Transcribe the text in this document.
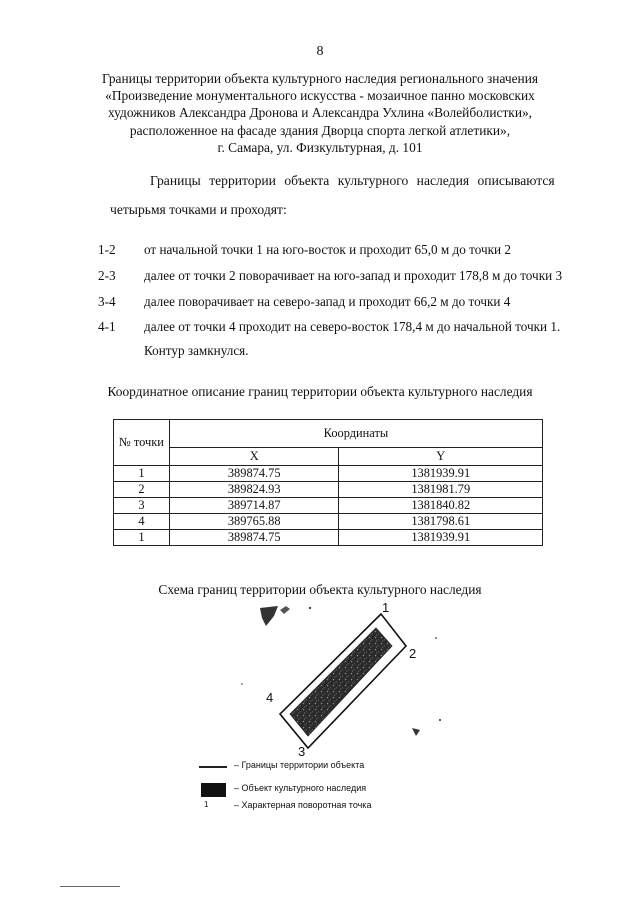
8
Границы территории объекта культурного наследия регионального значения
«Произведение монументального искусства - мозаичное панно московских
художников Александра Дронова и Александра Ухлина «Волейболистки»,
расположенное на фасаде здания Дворца спорта легкой атлетики»,
г. Самара, ул. Физкультурная, д. 101
Границы территории объекта культурного наследия описываются
четырьмя точками и проходят:
1-2 от начальной точки 1 на юго-восток и проходит 65,0 м до точки 2
2-3 далее от точки 2 поворачивает на юго-запад и проходит 178,8 м до точки 3
3-4 далее поворачивает на северо-запад и проходит 66,2 м до точки 4
4-1 далее от точки 4 проходит на северо-восток 178,4 м до начальной точки 1.
Контур замкнулся.
Координатное описание границ территории объекта культурного наследия
№ точки	Координаты	
	X	Y
1	389874.75	1381939.91
2	389824.93	1381981.79
3	389714.87	1381840.82
4	389765.88	1381798.61
1	389874.75	1381939.91
Схема границ территории объекта культурного наследия
1
2
3
4
– Границы территории объекта
– Объект культурного наследия
1	– Характерная поворотная точка
